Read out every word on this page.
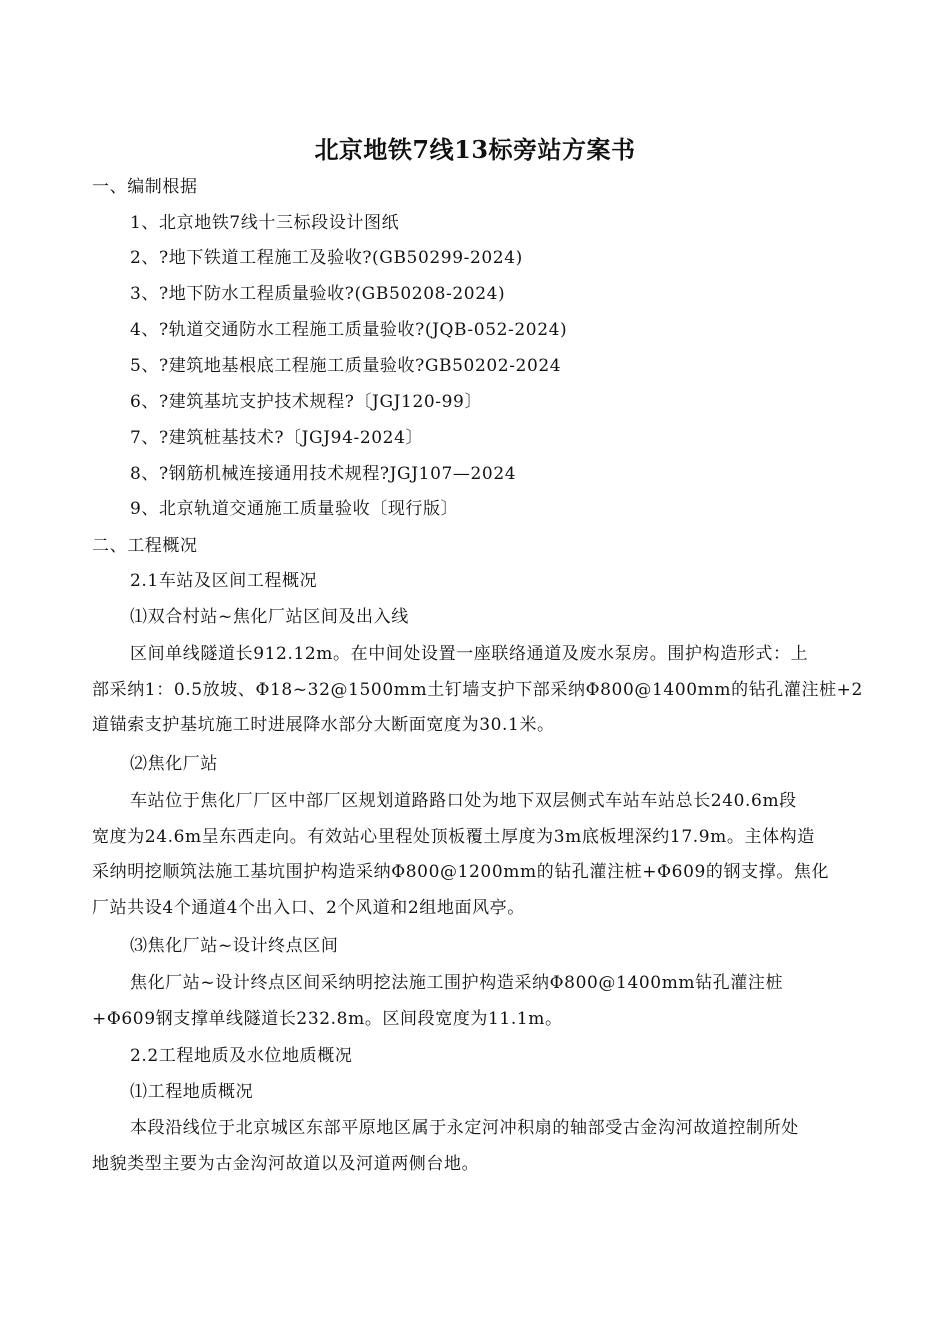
北京地铁7线13标旁站方案书
一、编制根据
1、北京地铁7线十三标段设计图纸
2、?地下铁道工程施工及验收?(GB50299-2024)
3、?地下防水工程质量验收?(GB50208-2024)
4、?轨道交通防水工程施工质量验收?(JQB-052-2024)
5、?建筑地基根底工程施工质量验收?GB50202-2024
6、?建筑基坑支护技术规程?〔JGJ120-99〕
7、?建筑桩基技术?〔JGJ94-2024〕
8、?钢筋机械连接通用技术规程?JGJ107—2024
9、北京轨道交通施工质量验收〔现行版〕
二、工程概况
2.1车站及区间工程概况
⑴双合村站~焦化厂站区间及出入线
区间单线隧道长912.12m。在中间处设置一座联络通道及废水泵房。围护构造形式：上
部采纳1：0.5放坡、Φ18~32@1500mm土钉墙支护下部采纳Φ800@1400mm的钻孔灌注桩+2
道锚索支护基坑施工时进展降水部分大断面宽度为30.1米。
⑵焦化厂站
车站位于焦化厂厂区中部厂区规划道路路口处为地下双层侧式车站车站总长240.6m段
宽度为24.6m呈东西走向。有效站心里程处顶板覆土厚度为3m底板埋深约17.9m。主体构造
采纳明挖顺筑法施工基坑围护构造采纳Φ800@1200mm的钻孔灌注桩+Φ609的钢支撑。焦化
厂站共设4个通道4个出入口、2个风道和2组地面风亭。
⑶焦化厂站~设计终点区间
焦化厂站~设计终点区间采纳明挖法施工围护构造采纳Φ800@1400mm钻孔灌注桩
+Φ609钢支撑单线隧道长232.8m。区间段宽度为11.1m。
2.2工程地质及水位地质概况
⑴工程地质概况
本段沿线位于北京城区东部平原地区属于永定河冲积扇的轴部受古金沟河故道控制所处
地貌类型主要为古金沟河故道以及河道两侧台地。
